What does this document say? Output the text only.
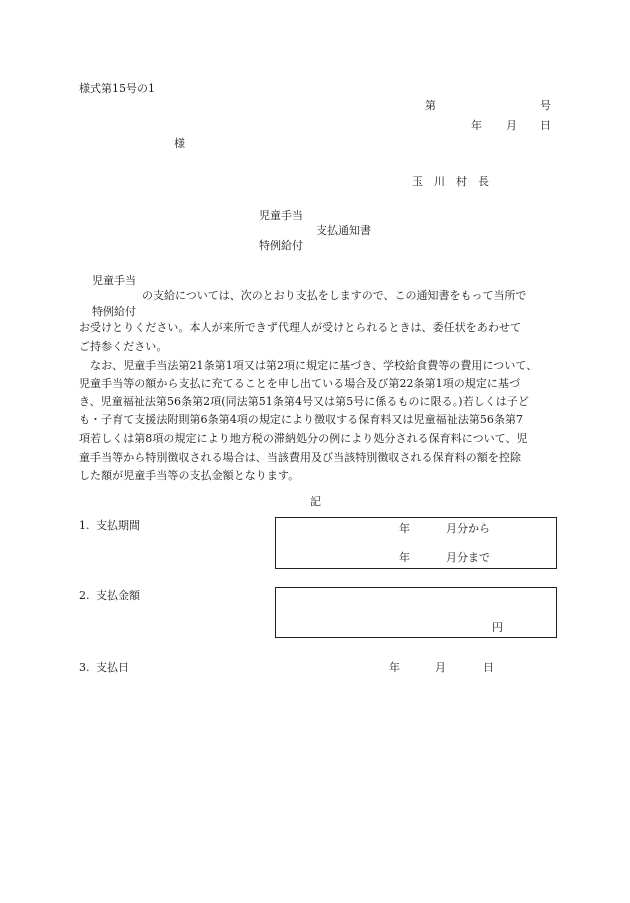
様式第15号の1
第	号
年 月 日
様
玉　川　村　長
児童手当
支払通知書
特例給付
児童手当
の支給については、次のとおり支払をしますので、この通知書をもって当所で
特例給付
お受けとりください。本人が来所できず代理人が受けとられるときは、委任状をあわせて
ご持参ください。
　なお、児童手当法第21条第1項又は第2項に規定に基づき、学校給食費等の費用について、
児童手当等の額から支払に充てることを申し出ている場合及び第22条第1項の規定に基づ
き、児童福祉法第56条第2項(同法第51条第4号又は第5号に係るものに限る。)若しくは子ど
も・子育て支援法附則第6条第4項の規定により徴収する保育料又は児童福祉法第56条第7
項若しくは第8項の規定により地方税の滞納処分の例により処分される保育料について、児
童手当等から特別徴収される場合は、当該費用及び当該特別徴収される保育料の額を控除
した額が児童手当等の支払金額となります。
記
1. 支払期間	年	月分から
年	月分まで
2. 支払金額
円
3. 支払日	年	月	日
